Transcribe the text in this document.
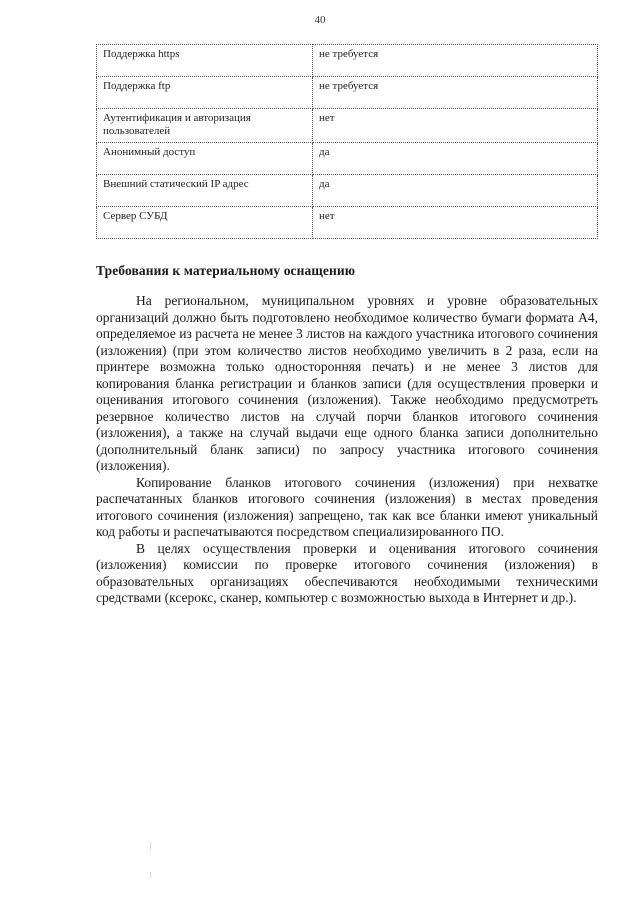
40
Поддержка https	не требуется
Поддержка ftp	не требуется
Аутентификация и авторизация пользователей	нет
Анонимный доступ	да
Внешний статический IP адрес	да
Сервер СУБД	нет
Требования к материальному оснащению

На региональном, муниципальном уровнях и уровне образовательных организаций должно быть подготовлено необходимое количество бумаги формата А4, определяемое из расчета не менее 3 листов на каждого участника итогового сочинения (изложения) (при этом количество листов необходимо увеличить в 2 раза, если на принтере возможна только односторонняя печать) и не менее 3 листов для копирования бланка регистрации и бланков записи (для осуществления проверки и оценивания итогового сочинения (изложения). Также необходимо предусмотреть резервное количество листов на случай порчи бланков итогового сочинения (изложения), а также на случай выдачи еще одного бланка записи дополнительно (дополнительный бланк записи) по запросу участника итогового сочинения (изложения).

Копирование бланков итогового сочинения (изложения) при нехватке распечатанных бланков итогового сочинения (изложения) в местах проведения итогового сочинения (изложения) запрещено, так как все бланки имеют уникальный код работы и распечатываются посредством специализированного ПО.

В целях осуществления проверки и оценивания итогового сочинения (изложения) комиссии по проверке итогового сочинения (изложения) в образовательных организациях обеспечиваются необходимыми техническими средствами (ксерокс, сканер, компьютер с возможностью выхода в Интернет и др.).
